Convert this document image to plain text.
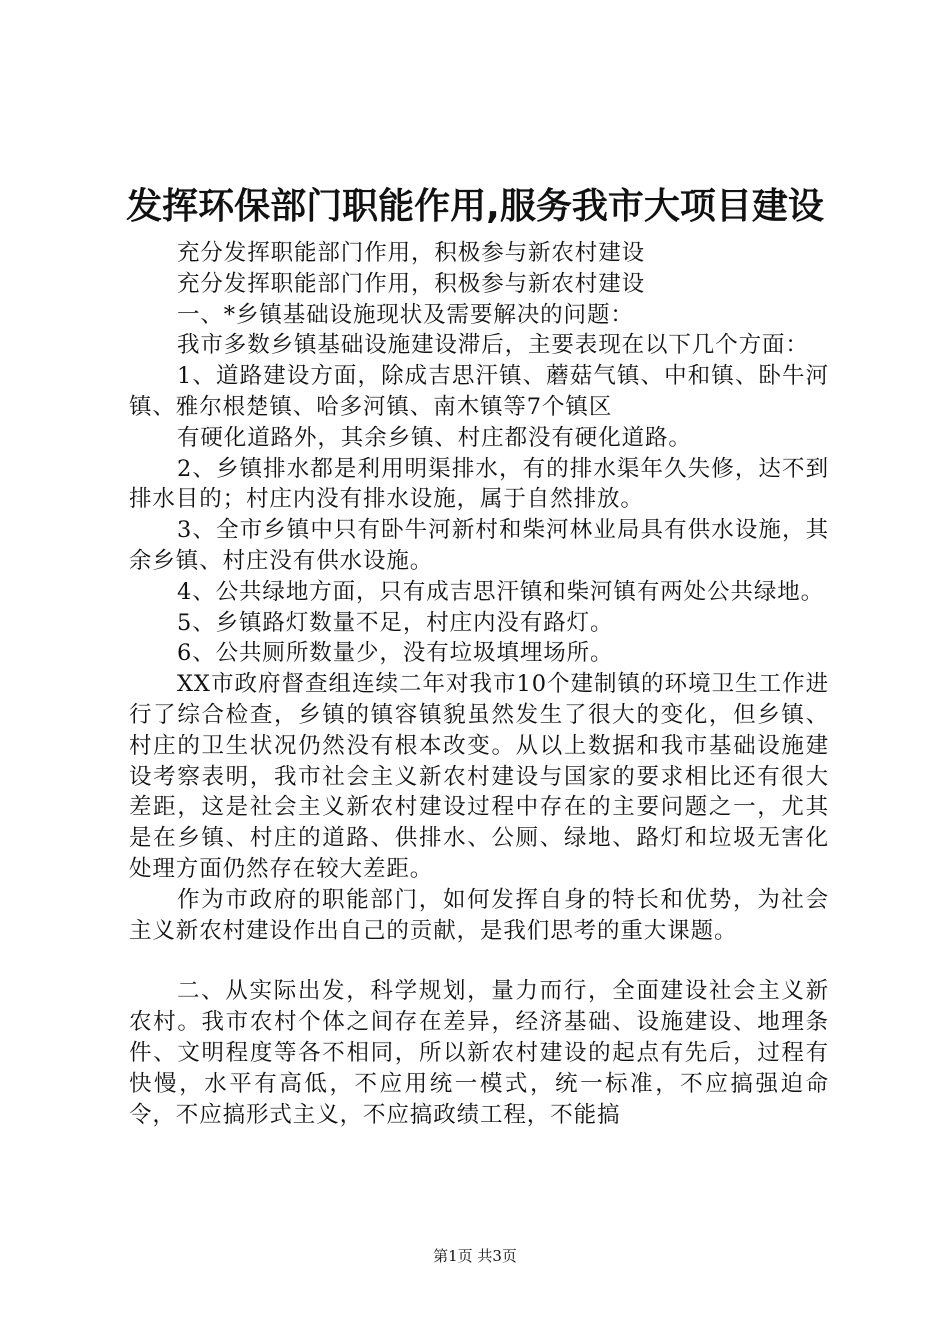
发挥环保部门职能作用,服务我市大项目建设

充分发挥职能部门作用，积极参与新农村建设

充分发挥职能部门作用，积极参与新农村建设

一、*乡镇基础设施现状及需要解决的问题：

我市多数乡镇基础设施建设滞后，主要表现在以下几个方面：

1、道路建设方面，除成吉思汗镇、蘑菇气镇、中和镇、卧牛河镇、雅尔根楚镇、哈多河镇、南木镇等7个镇区

有硬化道路外，其余乡镇、村庄都没有硬化道路。

2、乡镇排水都是利用明渠排水，有的排水渠年久失修，达不到排水目的；村庄内没有排水设施，属于自然排放。

3、全市乡镇中只有卧牛河新村和柴河林业局具有供水设施，其余乡镇、村庄没有供水设施。

4、公共绿地方面，只有成吉思汗镇和柴河镇有两处公共绿地。

5、乡镇路灯数量不足，村庄内没有路灯。

6、公共厕所数量少，没有垃圾填埋场所。

XX市政府督查组连续二年对我市10个建制镇的环境卫生工作进行了综合检查，乡镇的镇容镇貌虽然发生了很大的变化，但乡镇、村庄的卫生状况仍然没有根本改变。从以上数据和我市基础设施建设考察表明，我市社会主义新农村建设与国家的要求相比还有很大差距，这是社会主义新农村建设过程中存在的主要问题之一，尤其是在乡镇、村庄的道路、供排水、公厕、绿地、路灯和垃圾无害化处理方面仍然存在较大差距。

作为市政府的职能部门，如何发挥自身的特长和优势，为社会主义新农村建设作出自己的贡献，是我们思考的重大课题。

二、从实际出发，科学规划，量力而行，全面建设社会主义新农村。我市农村个体之间存在差异，经济基础、设施建设、地理条件、文明程度等各不相同，所以新农村建设的起点有先后，过程有快慢，水平有高低，不应用统一模式，统一标准，不应搞强迫命令，不应搞形式主义，不应搞政绩工程，不能搞

第1页 共3页
